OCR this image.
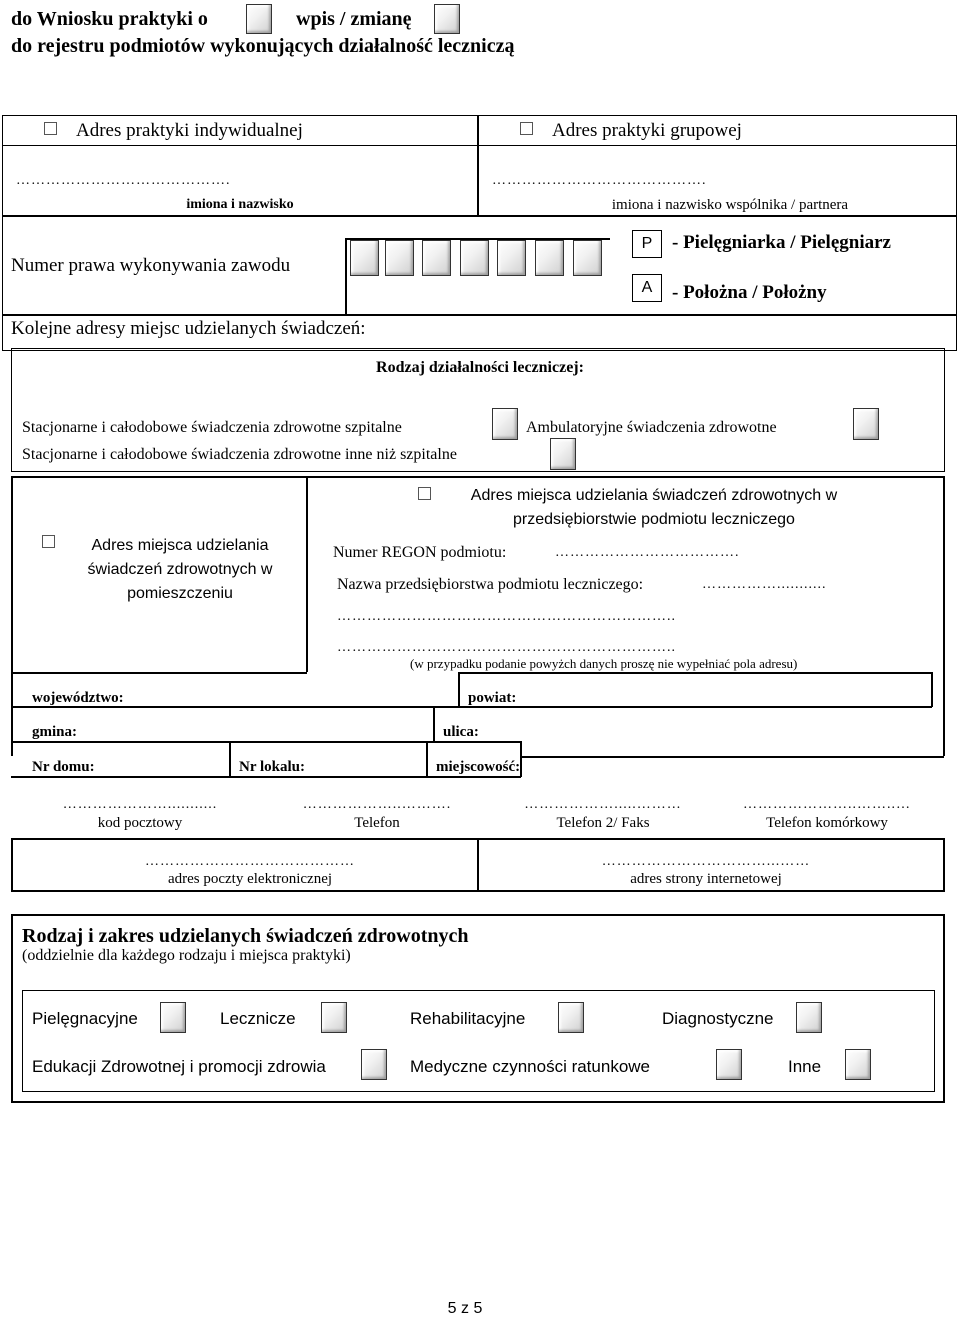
do Wniosku praktyki o	wpis / zmianę
do rejestru podmiotów wykonujących działalność leczniczą
Adres praktyki indywidualnej	Adres praktyki grupowej
…………………………………….
imiona i nazwisko
…………………………………….
imiona i nazwisko wspólnika / partnera
Numer prawa wykonywania zawodu
P	- Pielęgniarka / Pielęgniarz
A	- Położna / Położny
Kolejne adresy miejsc udzielanych świadczeń:
Rodzaj działalności leczniczej:
Stacjonarne i całodobowe świadczenia zdrowotne szpitalne	Ambulatoryjne świadczenia zdrowotne
Stacjonarne i całodobowe świadczenia zdrowotne inne niż szpitalne
Adres miejsca udzielania świadczeń zdrowotnych w pomieszczeniu
Adres miejsca udzielania świadczeń zdrowotnych w przedsiębiorstwie podmiotu leczniczego
Numer REGON podmiotu:	……………………………….
Nazwa przedsiębiorstwa podmiotu leczniczego:	……………...........
…………………………………………………………..
…………………………………………………………..
(w przypadku podanie powyżch danych proszę nie wypełniać pola adresu)
województwo:	powiat:
gmina:	ulica:
Nr domu:	Nr lokalu:	miejscowość:
…………………...........
kod pocztowy
………………..……….
Telefon
……………….....………
Telefon 2/ Faks
…………………..……..…
Telefon komórkowy
……………………………………
adres poczty elektronicznej
……………………………...……
adres strony internetowej
Rodzaj i zakres udzielanych świadczeń zdrowotnych
(oddzielnie dla każdego rodzaju i miejsca praktyki)
Pielęgnacyjne	Lecznicze	Rehabilitacyjne	Diagnostyczne
Edukacji Zdrowotnej i promocji zdrowia	Medyczne czynności ratunkowe	Inne
5 z 5
